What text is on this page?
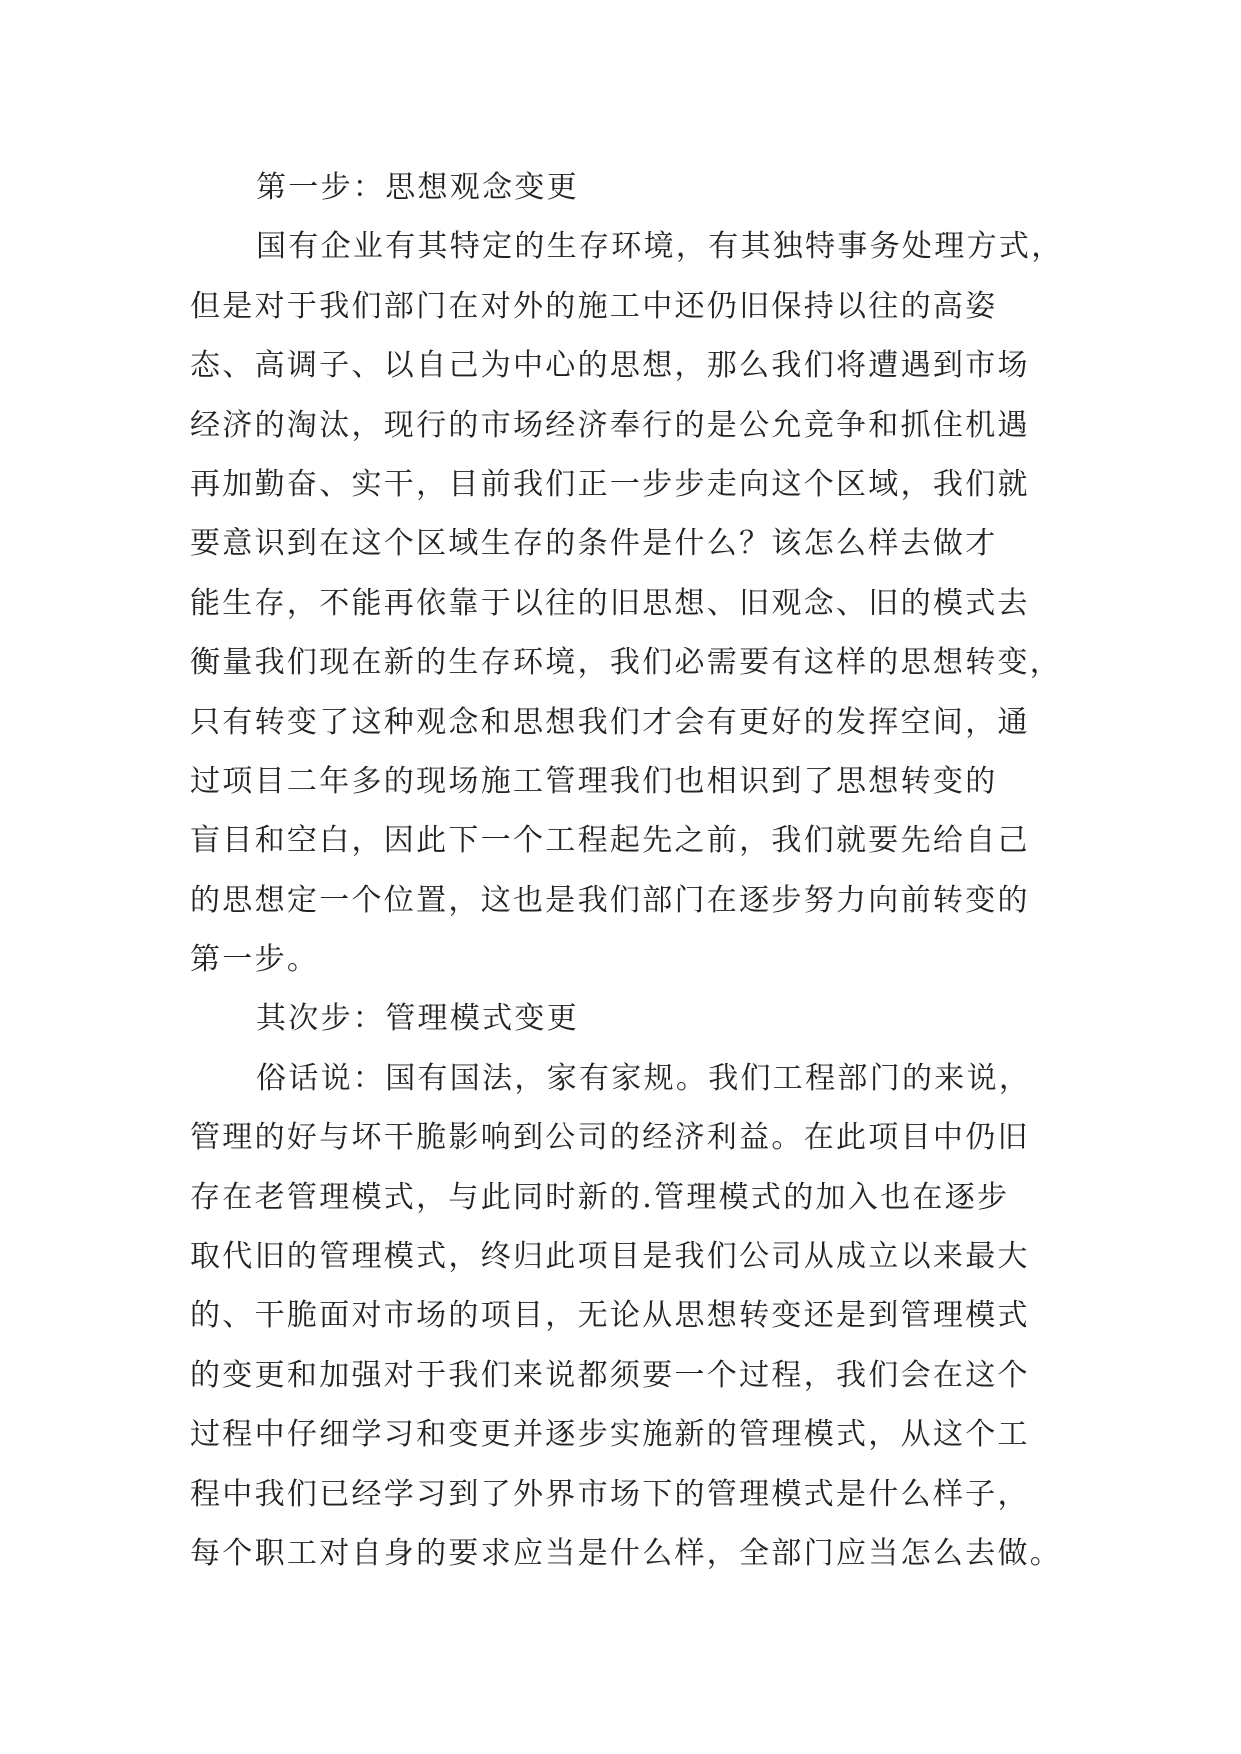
第一步：思想观念变更
国有企业有其特定的生存环境，有其独特事务处理方式，
但是对于我们部门在对外的施工中还仍旧保持以往的高姿
态、高调子、以自己为中心的思想，那么我们将遭遇到市场
经济的淘汰，现行的市场经济奉行的是公允竞争和抓住机遇
再加勤奋、实干，目前我们正一步步走向这个区域，我们就
要意识到在这个区域生存的条件是什么？该怎么样去做才
能生存，不能再依靠于以往的旧思想、旧观念、旧的模式去
衡量我们现在新的生存环境，我们必需要有这样的思想转变，
只有转变了这种观念和思想我们才会有更好的发挥空间，通
过项目二年多的现场施工管理我们也相识到了思想转变的
盲目和空白，因此下一个工程起先之前，我们就要先给自己
的思想定一个位置，这也是我们部门在逐步努力向前转变的
第一步。
其次步：管理模式变更
俗话说：国有国法，家有家规。我们工程部门的来说，
管理的好与坏干脆影响到公司的经济利益。在此项目中仍旧
存在老管理模式，与此同时新的.管理模式的加入也在逐步
取代旧的管理模式，终归此项目是我们公司从成立以来最大
的、干脆面对市场的项目，无论从思想转变还是到管理模式
的变更和加强对于我们来说都须要一个过程，我们会在这个
过程中仔细学习和变更并逐步实施新的管理模式，从这个工
程中我们已经学习到了外界市场下的管理模式是什么样子，
每个职工对自身的要求应当是什么样，全部门应当怎么去做。
